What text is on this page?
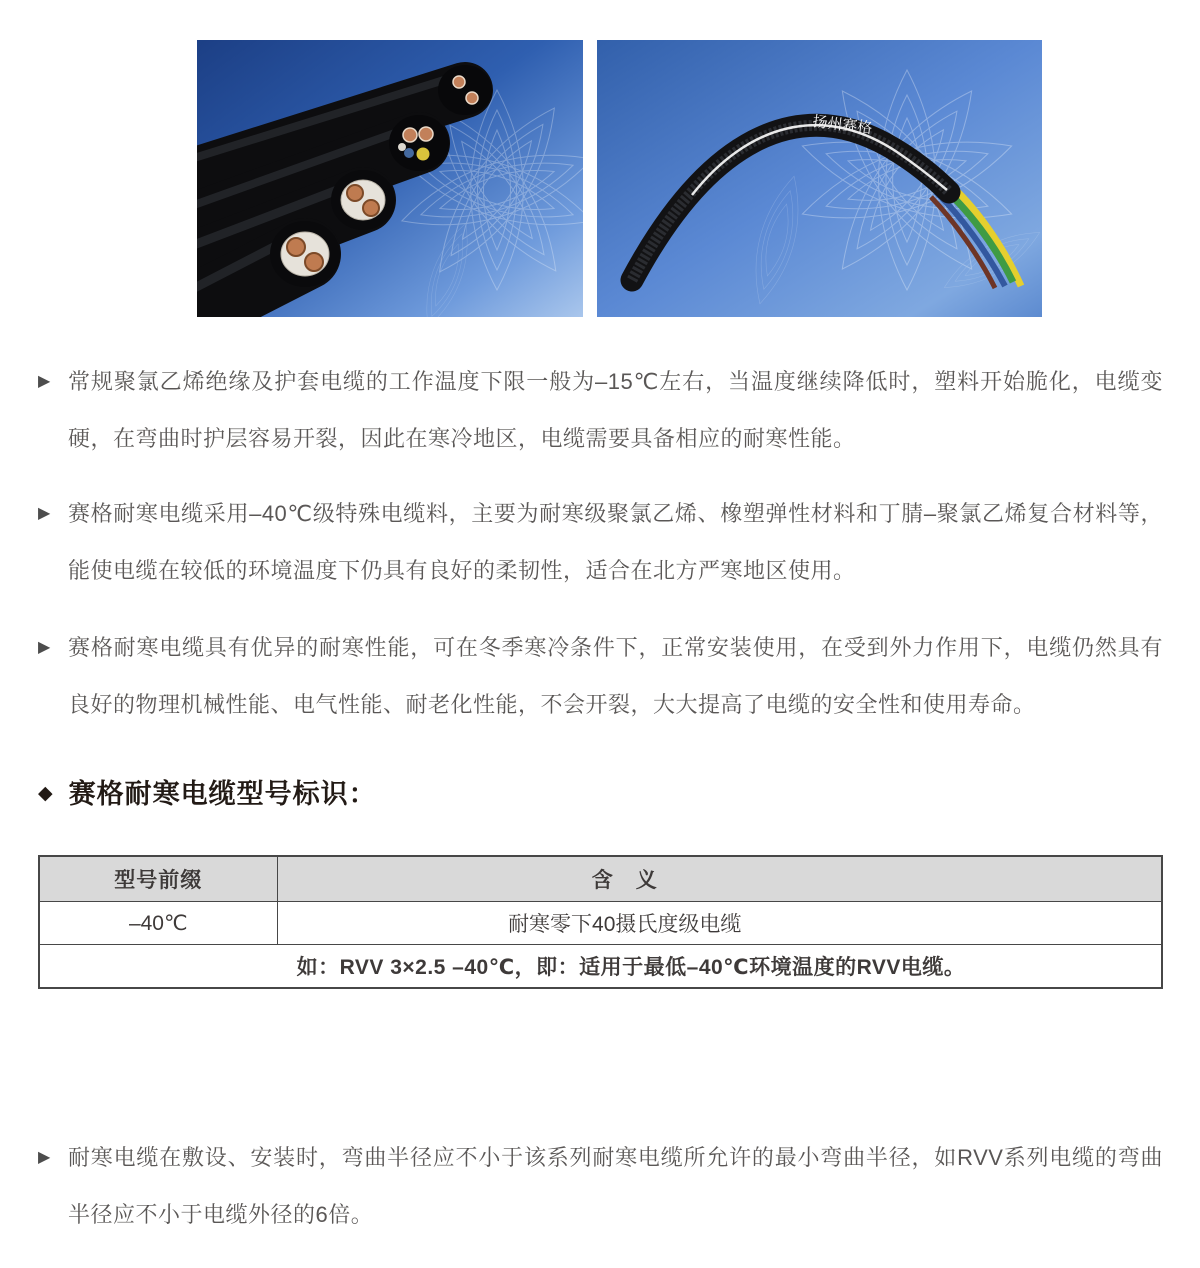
扬州赛格
▶ 常规聚氯乙烯绝缘及护套电缆的工作温度下限一般为–15℃左右，当温度继续降低时，塑料开始脆化，电缆变硬，在弯曲时护层容易开裂，因此在寒冷地区，电缆需要具备相应的耐寒性能。

▶ 赛格耐寒电缆采用–40℃级特殊电缆料，主要为耐寒级聚氯乙烯、橡塑弹性材料和丁腈–聚氯乙烯复合材料等，能使电缆在较低的环境温度下仍具有良好的柔韧性，适合在北方严寒地区使用。

▶ 赛格耐寒电缆具有优异的耐寒性能，可在冬季寒冷条件下，正常安装使用，在受到外力作用下，电缆仍然具有良好的物理机械性能、电气性能、耐老化性能，不会开裂，大大提高了电缆的安全性和使用寿命。

◆ 赛格耐寒电缆型号标识：
型号前缀	含　义
–40℃	耐寒零下40摄氏度级电缆
如：RVV 3×2.5 –40℃，即：适用于最低–40℃环境温度的RVV电缆。	
▶ 耐寒电缆在敷设、安装时，弯曲半径应不小于该系列耐寒电缆所允许的最小弯曲半径，如RVV系列电缆的弯曲半径应不小于电缆外径的6倍。
